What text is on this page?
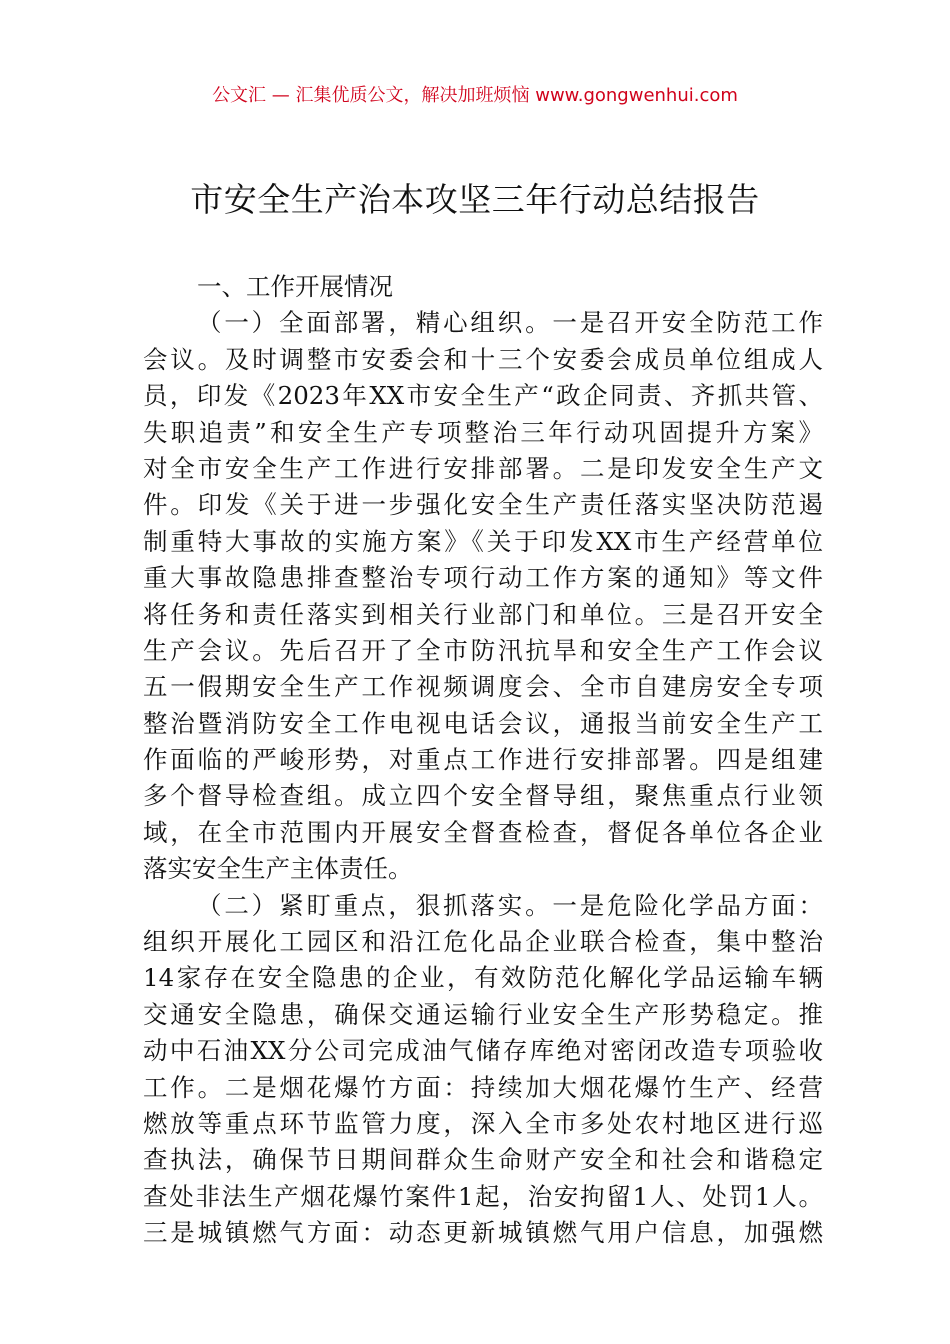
公文汇 — 汇集优质公文，解决加班烦恼 www.gongwenhui.com
市安全生产治本攻坚三年行动总结报告
一、工作开展情况
（一）全面部署，精心组织。一是召开安全防范工作
会议。及时调整市安委会和十三个安委会成员单位组成人
员，印发《2023年XX市安全生产“政企同责、齐抓共管、
失职追责”和安全生产专项整治三年行动巩固提升方案》
对全市安全生产工作进行安排部署。二是印发安全生产文
件。印发《关于进一步强化安全生产责任落实坚决防范遏
制重特大事故的实施方案》《关于印发XX市生产经营单位
重大事故隐患排查整治专项行动工作方案的通知》等文件
将任务和责任落实到相关行业部门和单位。三是召开安全
生产会议。先后召开了全市防汛抗旱和安全生产工作会议
五一假期安全生产工作视频调度会、全市自建房安全专项
整治暨消防安全工作电视电话会议，通报当前安全生产工
作面临的严峻形势，对重点工作进行安排部署。四是组建
多个督导检查组。成立四个安全督导组，聚焦重点行业领
域，在全市范围内开展安全督查检查，督促各单位各企业
落实安全生产主体责任。
（二）紧盯重点，狠抓落实。一是危险化学品方面：
组织开展化工园区和沿江危化品企业联合检查，集中整治
14家存在安全隐患的企业，有效防范化解化学品运输车辆
交通安全隐患，确保交通运输行业安全生产形势稳定。推
动中石油XX分公司完成油气储存库绝对密闭改造专项验收
工作。二是烟花爆竹方面：持续加大烟花爆竹生产、经营
燃放等重点环节监管力度，深入全市多处农村地区进行巡
查执法，确保节日期间群众生命财产安全和社会和谐稳定
查处非法生产烟花爆竹案件1起，治安拘留1人、处罚1人。
三是城镇燃气方面：动态更新城镇燃气用户信息，加强燃
